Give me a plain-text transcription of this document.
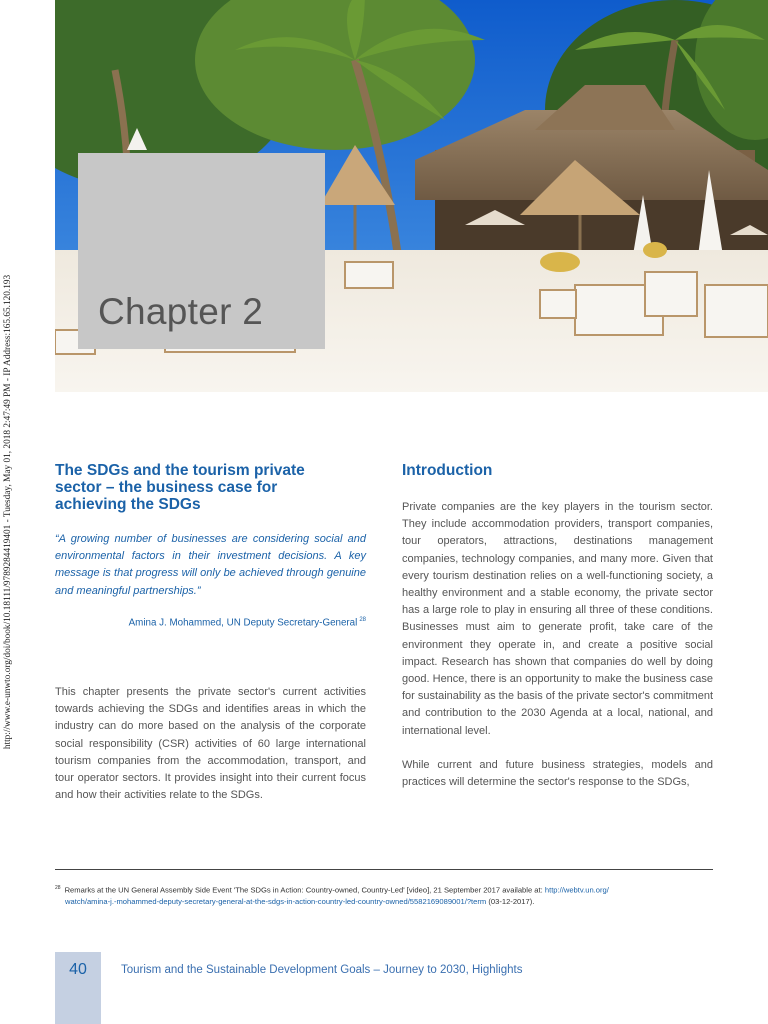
http://www.e-unwto.org/doi/book/10.18111/9789284419401 - Tuesday, May 01, 2018 2:47:49 PM - IP Address:165.65.120.193 Chapter 2
The SDGs and the tourism private
sector – the business case for
achieving the SDGs

“A growing number of businesses are considering social and environmental factors in their investment decisions. A key message is that progress will only be achieved through genuine and meaningful partnerships.”

Amina J. Mohammed, UN Deputy Secretary-General $^{28}$

This chapter presents the private sector's current activities towards achieving the SDGs and identifies areas in which the industry can do more based on the analysis of the corporate social responsibility (CSR) activities of 60 large international tourism companies from the accommodation, transport, and tour operator sectors. It provides insight into their current focus and how their activities relate to the SDGs.

Introduction

Private companies are the key players in the tourism sector. They include accommodation providers, transport companies, tour operators, attractions, destinations management companies, technology companies, and many more. Given that every tourism destination relies on a well-functioning society, a healthy environment and a stable economy, the private sector has a large role to play in ensuring all three of these conditions. Businesses must aim to generate profit, take care of the environment they operate in, and create a positive social impact. Research has shown that companies do well by doing good. Hence, there is an opportunity to make the business case for sustainability as the basis of the private sector's commitment and contribution to the 2030 Agenda at a local, national, and international level.

While current and future business strategies, models and practices will determine the sector's response to the SDGs,

$^{28}$ Remarks at the UN General Assembly Side Event 'The SDGs in Action: Country-owned, Country-Led' [video], 21 September 2017 available at: http://webtv.un.org/
watch/amina-j.-mohammed-deputy-secretary-general-at-the-sdgs-in-action-country-led-country-owned/5582169089001/?term (03-12-2017).
40	Tourism and the Sustainable Development Goals – Journey to 2030, Highlights
